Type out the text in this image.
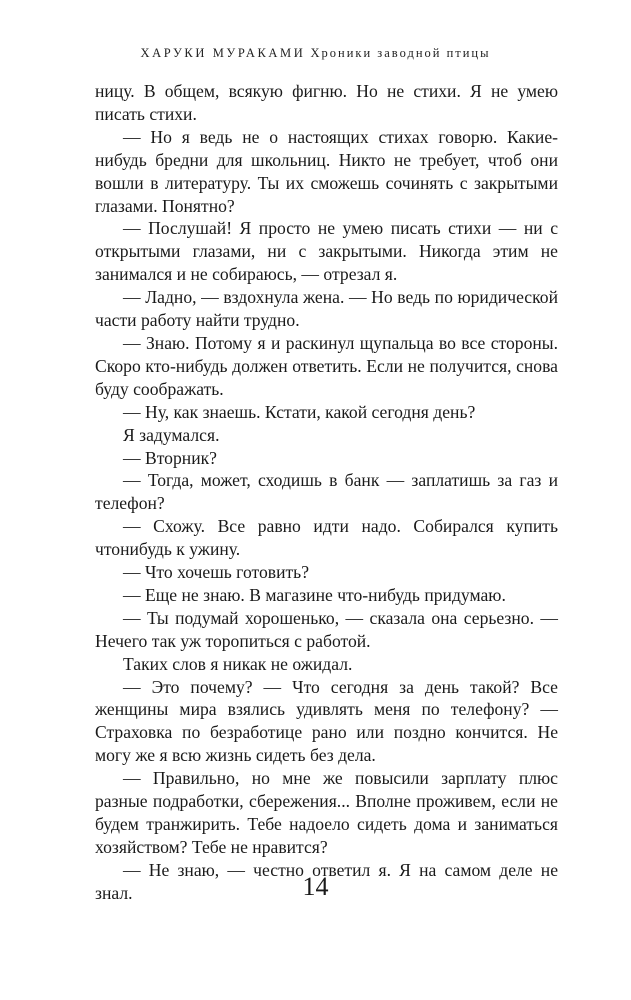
ХАРУКИ МУРАКАМИ Хроники заводной птицы

ницу. В общем, всякую фигню. Но не стихи. Я не умею писать стихи.

— Но я ведь не о настоящих стихах говорю. Какие-нибудь бредни для школьниц. Никто не требует, чтоб они вошли в литературу. Ты их сможешь сочинять с закрытыми глазами. Понятно?

— Послушай! Я просто не умею писать стихи — ни с открытыми глазами, ни с закрытыми. Никогда этим не занимался и не собираюсь, — отрезал я.

— Ладно, — вздохнула жена. — Но ведь по юридической части работу найти трудно.

— Знаю. Потому я и раскинул щупальца во все стороны. Скоро кто-нибудь должен ответить. Если не получится, снова буду соображать.

— Ну, как знаешь. Кстати, какой сегодня день?

Я задумался.

— Вторник?

— Тогда, может, сходишь в банк — заплатишь за газ и телефон?

— Схожу. Все равно идти надо. Собирался купить чтонибудь к ужину.

— Что хочешь готовить?

— Еще не знаю. В магазине что-нибудь придумаю.

— Ты подумай хорошенько, — сказала она серьезно. — Нечего так уж торопиться с работой.

Таких слов я никак не ожидал.

— Это почему? — Что сегодня за день такой? Все женщины мира взялись удивлять меня по телефону? — Страховка по безработице рано или поздно кончится. Не могу же я всю жизнь сидеть без дела.

— Правильно, но мне же повысили зарплату плюс разные подработки, сбережения... Вполне проживем, если не будем транжирить. Тебе надоело сидеть дома и заниматься хозяйством? Тебе не нравится?

— Не знаю, — честно ответил я. Я на самом деле не знал.	14
